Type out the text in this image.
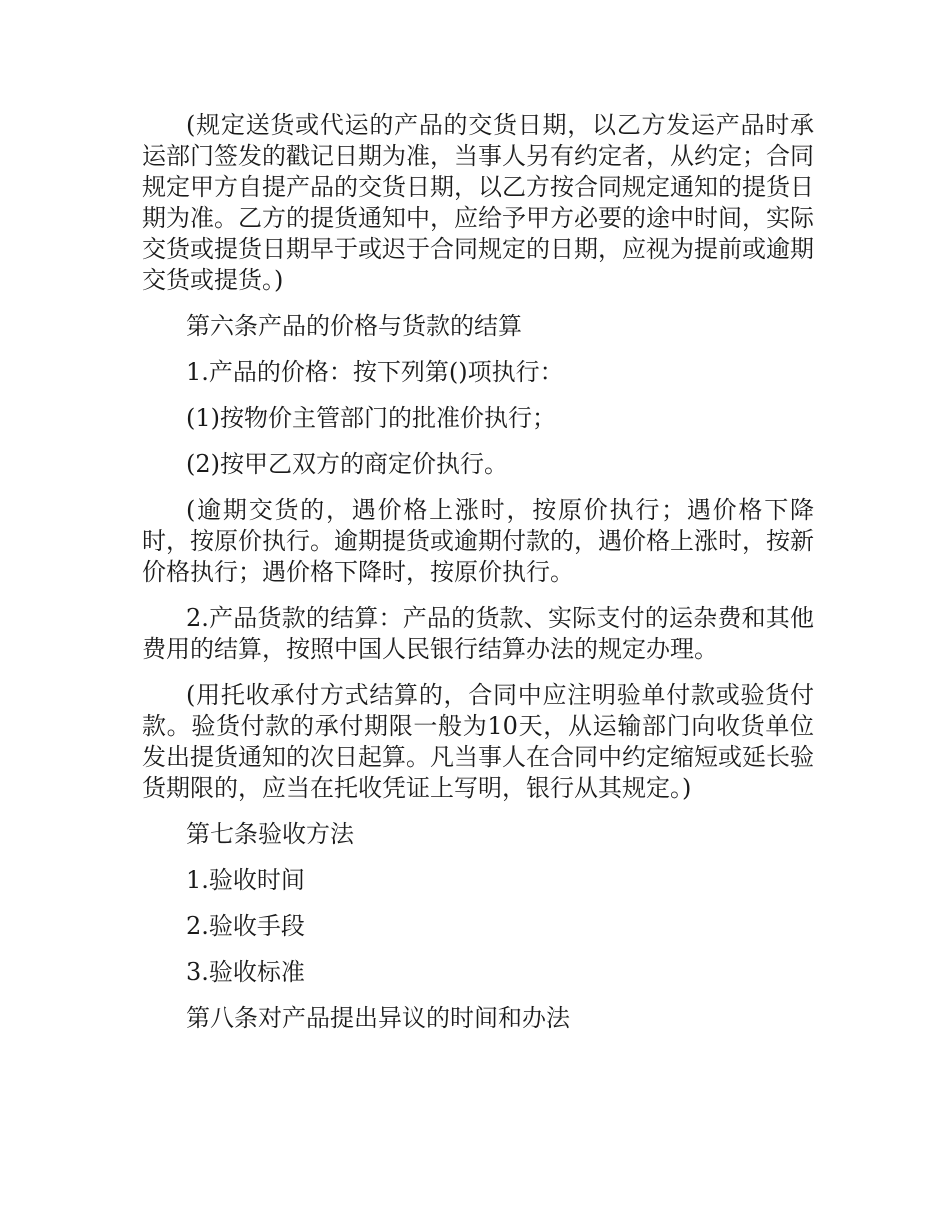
(规定送货或代运的产品的交货日期，以乙方发运产品时承运部门签发的戳记日期为准，当事人另有约定者，从约定；合同规定甲方自提产品的交货日期，以乙方按合同规定通知的提货日期为准。乙方的提货通知中，应给予甲方必要的途中时间，实际交货或提货日期早于或迟于合同规定的日期，应视为提前或逾期交货或提货。)

第六条产品的价格与货款的结算

1.产品的价格：按下列第()项执行：

(1)按物价主管部门的批准价执行；

(2)按甲乙双方的商定价执行。

(逾期交货的，遇价格上涨时，按原价执行；遇价格下降时，按原价执行。逾期提货或逾期付款的，遇价格上涨时，按新价格执行；遇价格下降时，按原价执行。

2.产品货款的结算：产品的货款、实际支付的运杂费和其他费用的结算，按照中国人民银行结算办法的规定办理。

(用托收承付方式结算的，合同中应注明验单付款或验货付款。验货付款的承付期限一般为10天，从运输部门向收货单位发出提货通知的次日起算。凡当事人在合同中约定缩短或延长验货期限的，应当在托收凭证上写明，银行从其规定。)

第七条验收方法

1.验收时间

2.验收手段

3.验收标准

第八条对产品提出异议的时间和办法
